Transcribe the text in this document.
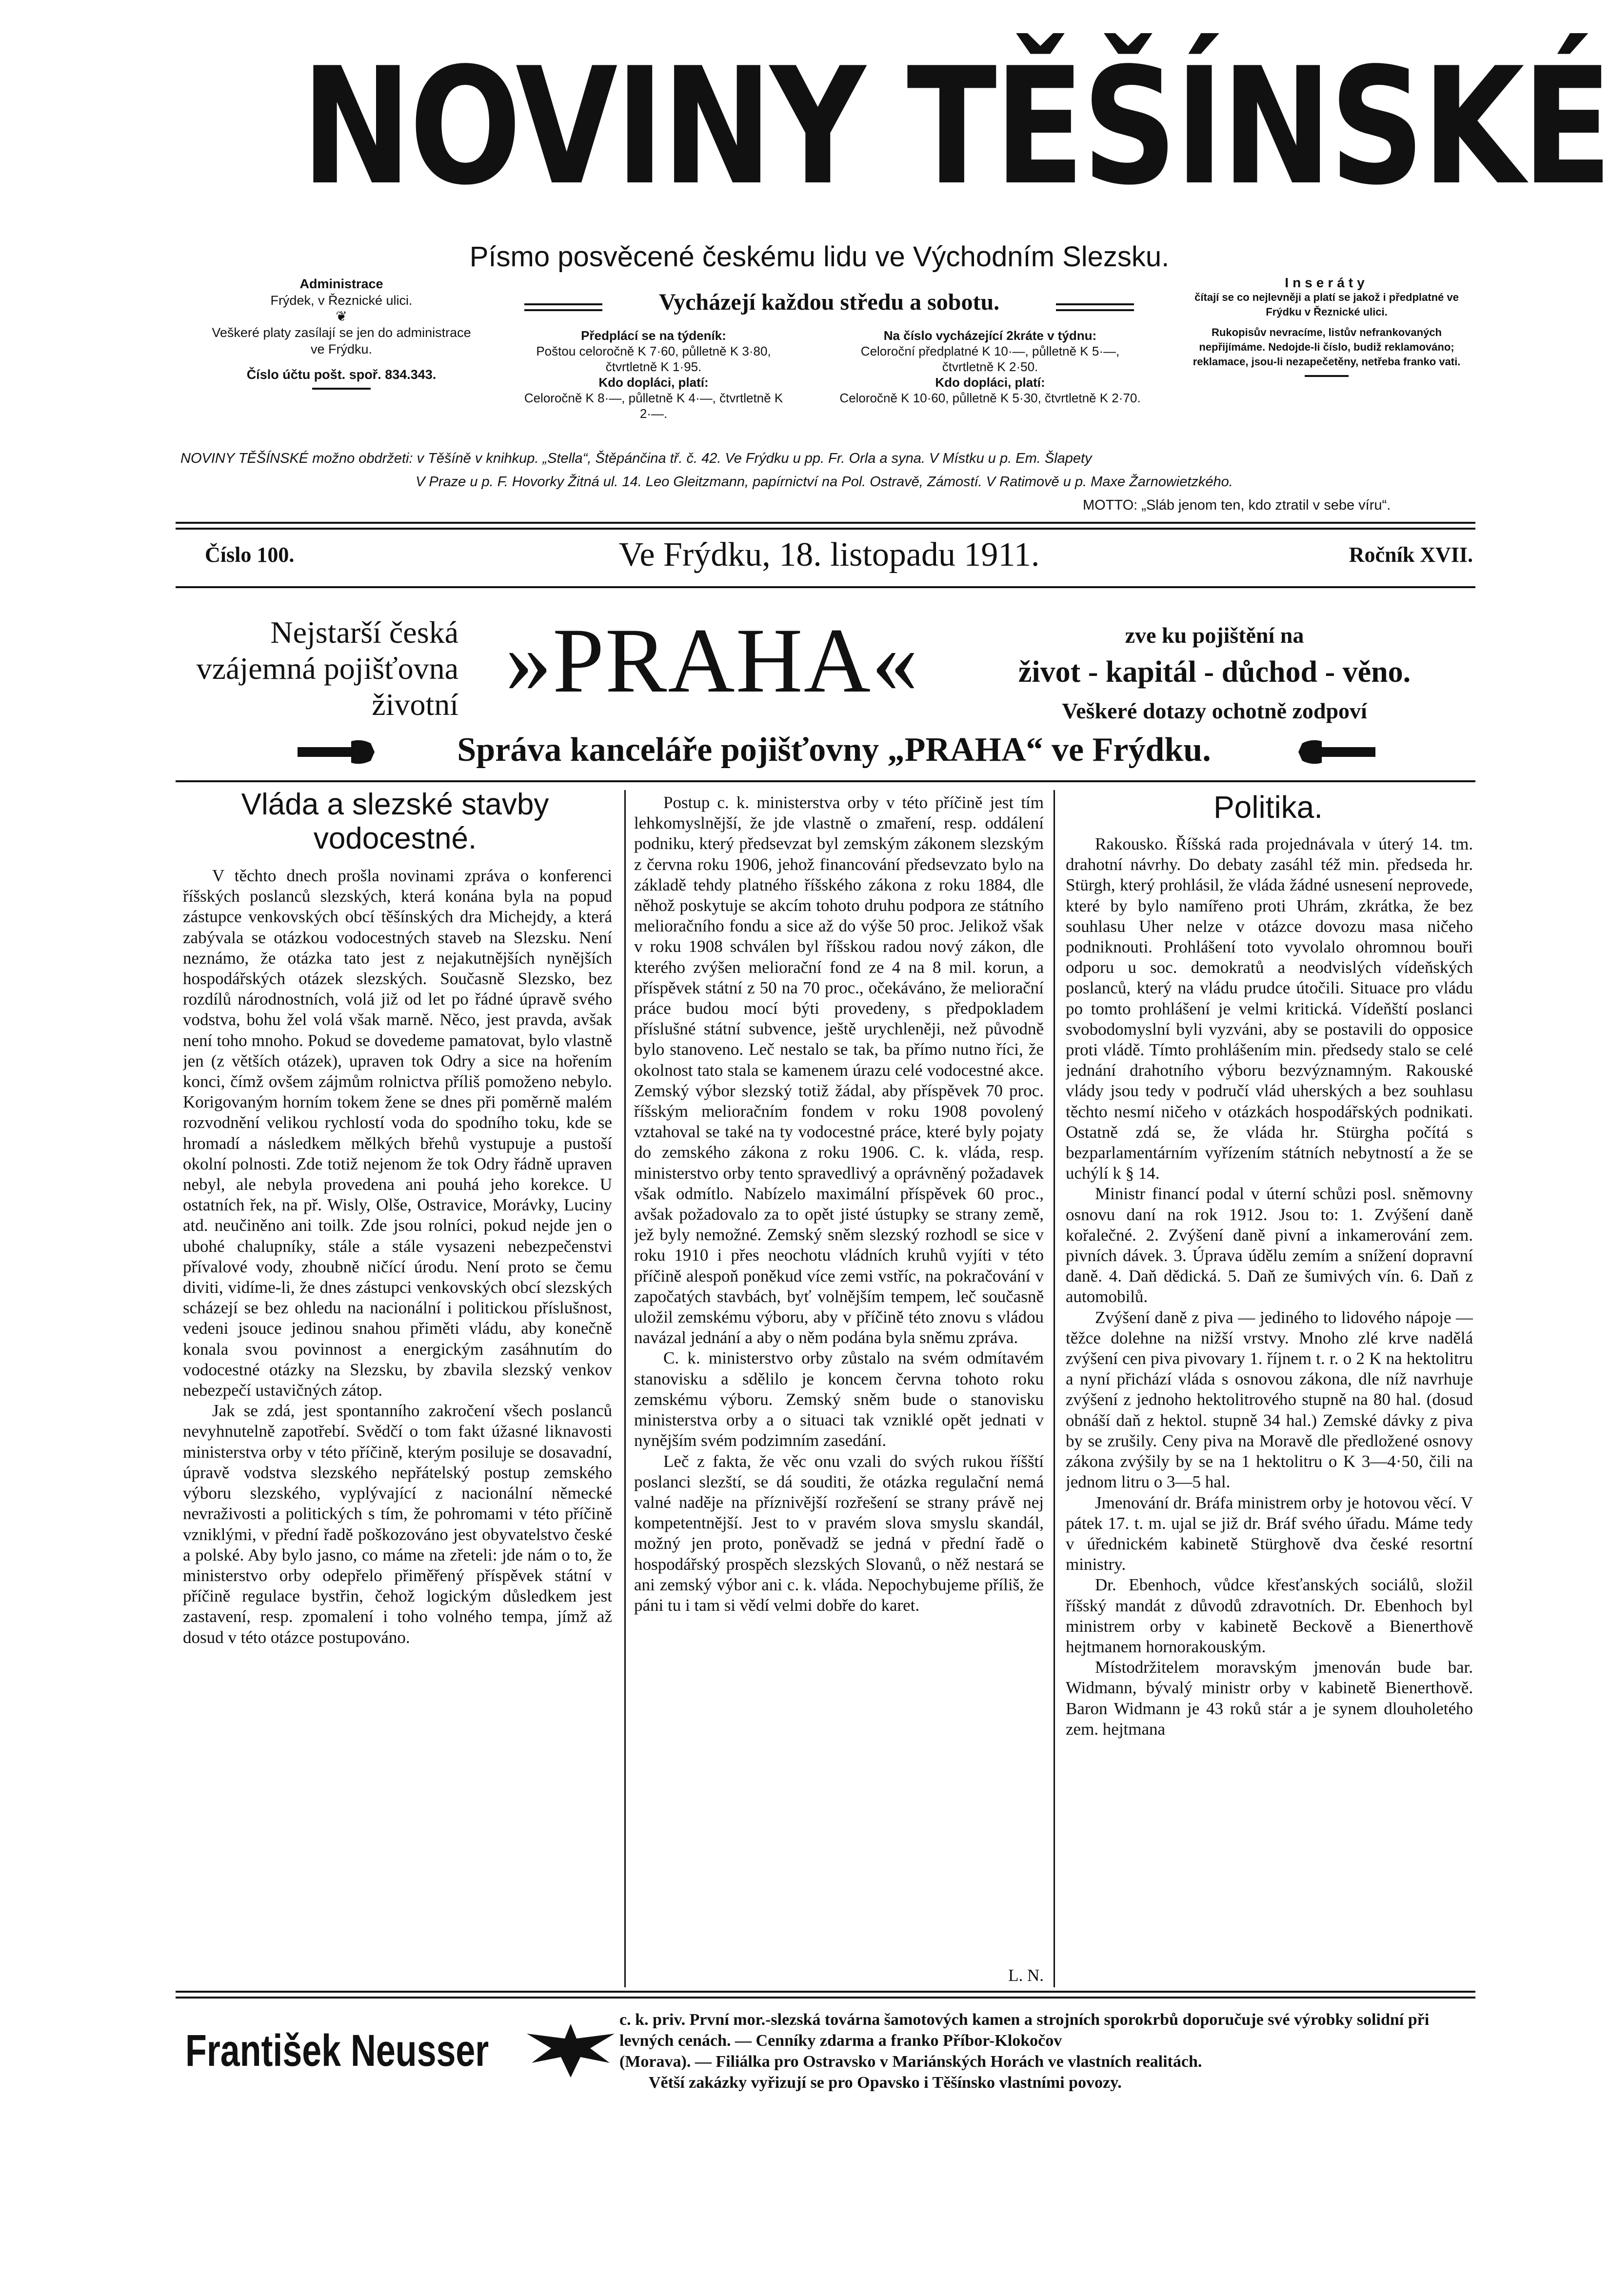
NOVINY TĚŠÍNSKÉ
Písmo posvěcené českému lidu ve Východním Slezsku.
Vycházejí každou středu a sobotu.
Administrace
Frýdek, v Řeznické ulici.
❦
Veškeré platy zasílají se jen do administrace ve Frýdku.
Číslo účtu pošt. spoř. 834.343.
Předplácí se na týdeník:
Poštou celoročně K 7·60, půlletně K 3·80, čtvrtletně K 1·95.
Kdo dopláci, platí:
Celoročně K 8·—, půlletně K 4·—, čtvrtletně K 2·—.
Na číslo vycházející 2kráte v týdnu:
Celoroční předplatné K 10·—, půlletně K 5·—, čtvrtletně K 2·50.
Kdo dopláci, platí:
Celoročně K 10·60, půlletně K 5·30, čtvrtletně K 2·70.
Inseráty
čítají se co nejlevněji a platí se jakož i předplatné ve Frýdku v Řeznické ulici.
Rukopisův nevracíme, listův nefrankovaných nepřijímáme. Nedojde-li číslo, budiž reklamováno; reklamace, jsou-li nezapečetěny, netřeba franko vati.
NOVINY TĚŠÍNSKÉ možno obdržeti: v Těšíně v knihkup. „Stella“, Štěpánčina tř. č. 42. Ve Frýdku u pp. Fr. Orla a syna. V Místku u p. Em. Šlapety
V Praze u p. F. Hovorky Žitná ul. 14. Leo Gleitzmann, papírnictví na Pol. Ostravě, Zámostí. V Ratimově u p. Maxe Žarnowietzkého.
MOTTO: „Sláb jenom ten, kdo ztratil v sebe víru“.
Číslo 100.	Ve Frýdku, 18. listopadu 1911.	Ročník XVII.
Nejstarší česká vzájemná pojišťovna životní »PRAHA«	zve ku pojištění na
život - kapitál - důchod - věno.
Veškeré dotazy ochotně zodpoví
Správa kanceláře pojišťovny „PRAHA“ ve Frýdku.
Vláda a slezské stavby vodocestné.

V těchto dnech prošla novinami zpráva o konferenci říšských poslanců slezských, která konána byla na popud zástupce venkovských obcí těšínských dra Michejdy, a která zabývala se otázkou vodocestných staveb na Slezsku. Není neznámo, že otázka tato jest z nejakutnějších nynějších hospodářských otázek slezských. Současně Slezsko, bez rozdílů národnostních, volá již od let po řádné úpravě svého vodstva, bohu žel volá však marně. Něco, jest pravda, avšak není toho mnoho. Pokud se dovedeme pamatovat, bylo vlastně jen (z větších otázek), upraven tok Odry a sice na hořením konci, čímž ovšem zájmům rolnictva příliš pomoženo nebylo. Korigovaným horním tokem žene se dnes při poměrně malém rozvodnění velikou rychlostí voda do spodního toku, kde se hromadí a následkem mělkých břehů vystupuje a pustoší okolní polnosti. Zde totiž nejenom že tok Odry řádně upraven nebyl, ale nebyla provedena ani pouhá jeho korekce. U ostatních řek, na př. Wisly, Olše, Ostravice, Morávky, Luciny atd. neučiněno ani toilk. Zde jsou rolníci, pokud nejde jen o ubohé chalupníky, stále a stále vysazeni nebezpečenstvi přívalové vody, zhoubně ničící úrodu. Není proto se čemu diviti, vidíme-li, že dnes zástupci venkovských obcí slezských scházejí se bez ohledu na nacionální i politickou příslušnost, vedeni jsouce jedinou snahou přiměti vládu, aby konečně konala svou povinnost a energickým zasáhnutím do vodocestné otázky na Slezsku, by zbavila slezský venkov nebezpečí ustavičných zátop.

Jak se zdá, jest spontanního zakročení všech poslanců nevyhnutelně zapotřebí. Svědčí o tom fakt úžasné liknavosti ministerstva orby v této příčině, kterým posiluje se dosavadní, úpravě vodstva slezského nepřátelský postup zemského výboru slezského, vyplývající z nacionální německé nevraživosti a politických s tím, že pohromami v této příčině vzniklými, v přední řadě poškozováno jest obyvatelstvo české a polské. Aby bylo jasno, co máme na zřeteli: jde nám o to, že ministerstvo orby odepřelo přiměřený příspěvek státní v příčině regulace bystřin, čehož logickým důsledkem jest zastavení, resp. zpomalení i toho volného tempa, jímž až dosud v této otázce postupováno.

Postup c. k. ministerstva orby v této příčině jest tím lehkomyslnější, že jde vlastně o zmaření, resp. oddálení podniku, který předsevzat byl zemským zákonem slezským z června roku 1906, jehož financování předsevzato bylo na základě tehdy platného říšského zákona z roku 1884, dle něhož poskytuje se akcím tohoto druhu podpora ze státního melioračního fondu a sice až do výše 50 proc. Jelikož však v roku 1908 schválen byl říšskou radou nový zákon, dle kterého zvýšen meliorační fond ze 4 na 8 mil. korun, a příspěvek státní z 50 na 70 proc., očekáváno, že meliorační práce budou mocí býti provedeny, s předpokladem příslušné státní subvence, ještě urychleněji, než původně bylo stanoveno. Leč nestalo se tak, ba přímo nutno říci, že okolnost tato stala se kamenem úrazu celé vodocestné akce. Zemský výbor slezský totiž žádal, aby příspěvek 70 proc. říšským melioračním fondem v roku 1908 povolený vztahoval se také na ty vodocestné práce, které byly pojaty do zemského zákona z roku 1906. C. k. vláda, resp. ministerstvo orby tento spravedlivý a oprávněný požadavek však odmítlo. Nabízelo maximální příspěvek 60 proc., avšak požadovalo za to opět jisté ústupky se strany země, jež byly nemožné. Zemský sněm slezský rozhodl se sice v roku 1910 i přes neochotu vládních kruhů vyjíti v této příčině alespoň poněkud více zemi vstříc, na pokračování v započatých stavbách, byť volnějším tempem, leč současně uložil zemskému výboru, aby v příčině této znovu s vládou navázal jednání a aby o něm podána byla sněmu zpráva.

C. k. ministerstvo orby zůstalo na svém odmítavém stanovisku a sdělilo je koncem června tohoto roku zemskému výboru. Zemský sněm bude o stanovisku ministerstva orby a o situaci tak vzniklé opět jednati v nynějším svém podzimním zasedání.

Leč z fakta, že věc onu vzali do svých rukou říšští poslanci slezští, se dá souditi, že otázka regulační nemá valné naděje na příznivější rozřešení se strany právě nej kompetentnější. Jest to v pravém slova smyslu skandál, možný jen proto, poněvadž se jedná v přední řadě o hospodářský prospěch slezských Slovanů, o něž nestará se ani zemský výbor ani c. k. vláda. Nepochybujeme příliš, že páni tu i tam si vědí velmi dobře do karet.

L. N.
Politika.

Rakousko. Říšská rada projednávala v úterý 14. tm. drahotní návrhy. Do debaty zasáhl též min. předseda hr. Stürgh, který prohlásil, že vláda žádné usnesení neprovede, které by bylo namířeno proti Uhrám, zkrátka, že bez souhlasu Uher nelze v otázce dovozu masa ničeho podniknouti. Prohlášení toto vyvolalo ohromnou bouři odporu u soc. demokratů a neodvislých vídeňských poslanců, který na vládu prudce útočili. Situace pro vládu po tomto prohlášení je velmi kritická. Vídeňští poslanci svobodomyslní byli vyzváni, aby se postavili do opposice proti vládě. Tímto prohlášením min. předsedy stalo se celé jednání drahotního výboru bezvýznamným. Rakouské vlády jsou tedy v područí vlád uherských a bez souhlasu těchto nesmí ničeho v otázkách hospodářských podnikati. Ostatně zdá se, že vláda hr. Stürgha počítá s bezparlamentárním vyřízením státních nebytností a že se uchýlí k § 14.

Ministr financí podal v úterní schůzi posl. sněmovny osnovu daní na rok 1912. Jsou to: 1. Zvýšení daně kořalečné. 2. Zvýšení daně pivní a inkamerování zem. pivních dávek. 3. Úprava údělu zemím a snížení dopravní daně. 4. Daň dědická. 5. Daň ze šumivých vín. 6. Daň z automobilů.

Zvýšení daně z piva — jediného to lidového nápoje — těžce dolehne na nižší vrstvy. Mnoho zlé krve nadělá zvýšení cen piva pivovary 1. říjnem t. r. o 2 K na hektolitru a nyní přichází vláda s osnovou zákona, dle níž navrhuje zvýšení z jednoho hektolitrového stupně na 80 hal. (dosud obnáší daň z hektol. stupně 34 hal.) Zemské dávky z piva by se zrušily. Ceny piva na Moravě dle předložené osnovy zákona zvýšily by se na 1 hektolitru o K 3—4·50, čili na jednom litru o 3—5 hal.

Jmenování dr. Bráfa ministrem orby je hotovou věcí. V pátek 17. t. m. ujal se již dr. Bráf svého úřadu. Máme tedy v úřednickém kabinetě Stürghově dva české resortní ministry.

Dr. Ebenhoch, vůdce křesťanských sociálů, složil říšský mandát z důvodů zdravotních. Dr. Ebenhoch byl ministrem orby v kabinetě Beckově a Bienerthově hejtmanem hornorakouským.

Místodržitelem moravským jmenován bude bar. Widmann, bývalý ministr orby v kabinetě Bienerthově. Baron Widmann je 43 roků stár a je synem dlouholetého zem. hejtmana

František Neusser
c. k. priv. První mor.-slezská továrna šamotových kamen a strojních sporokrbů doporučuje své výrobky solidní při levných cenách. — Cenníky zdarma a franko Příbor-Klokočov
(Morava). — Filiálka pro Ostravsko v Mariánských Horách ve vlastních realitách.
Větší zakázky vyřizují se pro Opavsko i Těšínsko vlastními povozy.
